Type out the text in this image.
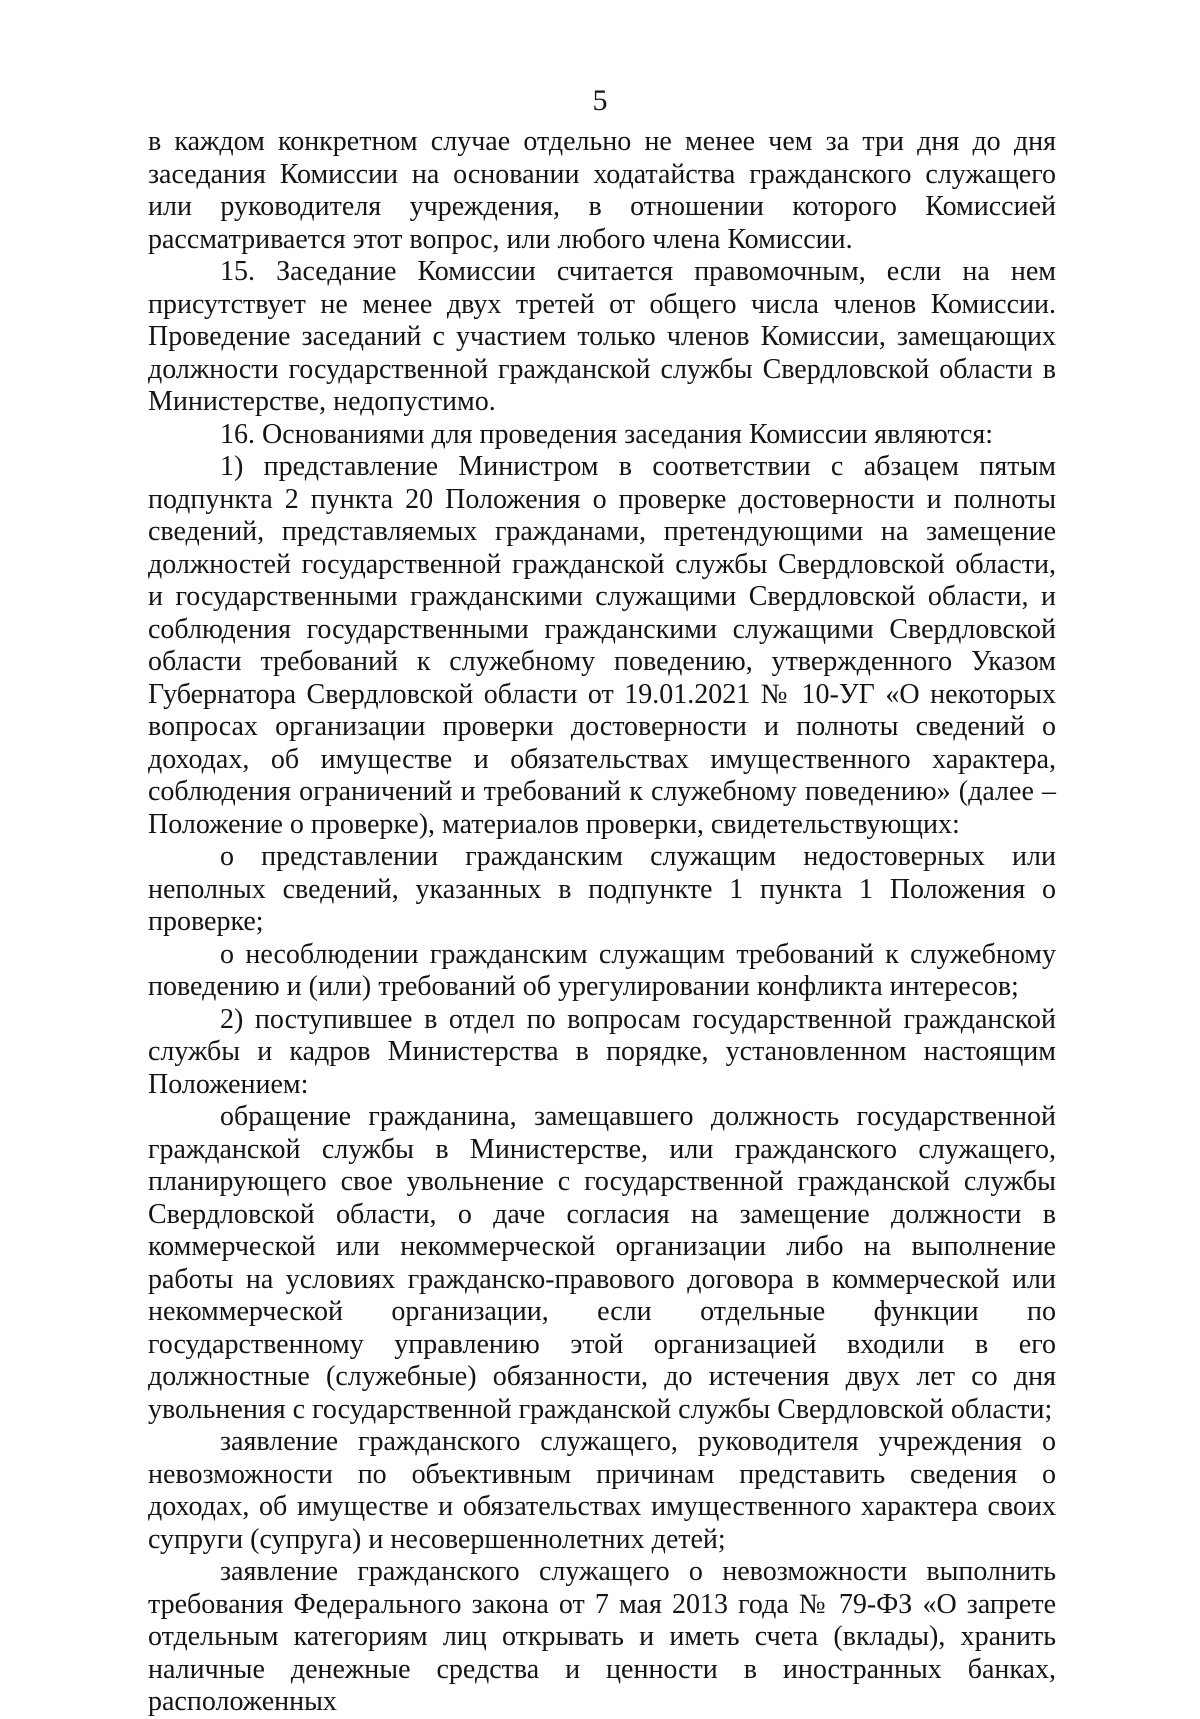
5

в каждом конкретном случае отдельно не менее чем за три дня до дня заседания Комиссии на основании ходатайства гражданского служащего или руководителя учреждения, в отношении которого Комиссией рассматривается этот вопрос, или любого члена Комиссии.

15. Заседание Комиссии считается правомочным, если на нем присутствует не менее двух третей от общего числа членов Комиссии. Проведение заседаний с участием только членов Комиссии, замещающих должности государственной гражданской службы Свердловской области в Министерстве, недопустимо.

16. Основаниями для проведения заседания Комиссии являются:

1) представление Министром в соответствии с абзацем пятым подпункта 2 пункта 20 Положения о проверке достоверности и полноты сведений, представляемых гражданами, претендующими на замещение должностей государственной гражданской службы Свердловской области, и государственными гражданскими служащими Свердловской области, и соблюдения государственными гражданскими служащими Свердловской области требований к служебному поведению, утвержденного Указом Губернатора Свердловской области от 19.01.2021 № 10-УГ «О некоторых вопросах организации проверки достоверности и полноты сведений о доходах, об имуществе и обязательствах имущественного характера, соблюдения ограничений и требований к служебному поведению» (далее – Положение о проверке), материалов проверки, свидетельствующих:

о представлении гражданским служащим недостоверных или неполных сведений, указанных в подпункте 1 пункта 1 Положения о проверке;

о несоблюдении гражданским служащим требований к служебному поведению и (или) требований об урегулировании конфликта интересов;

2) поступившее в отдел по вопросам государственной гражданской службы и кадров Министерства в порядке, установленном настоящим Положением:

обращение гражданина, замещавшего должность государственной гражданской службы в Министерстве, или гражданского служащего, планирующего свое увольнение с государственной гражданской службы Свердловской области, о даче согласия на замещение должности в коммерческой или некоммерческой организации либо на выполнение работы на условиях гражданско-правового договора в коммерческой или некоммерческой организации, если отдельные функции по государственному управлению этой организацией входили в его должностные (служебные) обязанности, до истечения двух лет со дня увольнения с государственной гражданской службы Свердловской области;

заявление гражданского служащего, руководителя учреждения о невозможности по объективным причинам представить сведения о доходах, об имуществе и обязательствах имущественного характера своих супруги (супруга) и несовершеннолетних детей;

заявление гражданского служащего о невозможности выполнить требования Федерального закона от 7 мая 2013 года № 79-ФЗ «О запрете отдельным категориям лиц открывать и иметь счета (вклады), хранить наличные денежные средства и ценности в иностранных банках, расположенных
